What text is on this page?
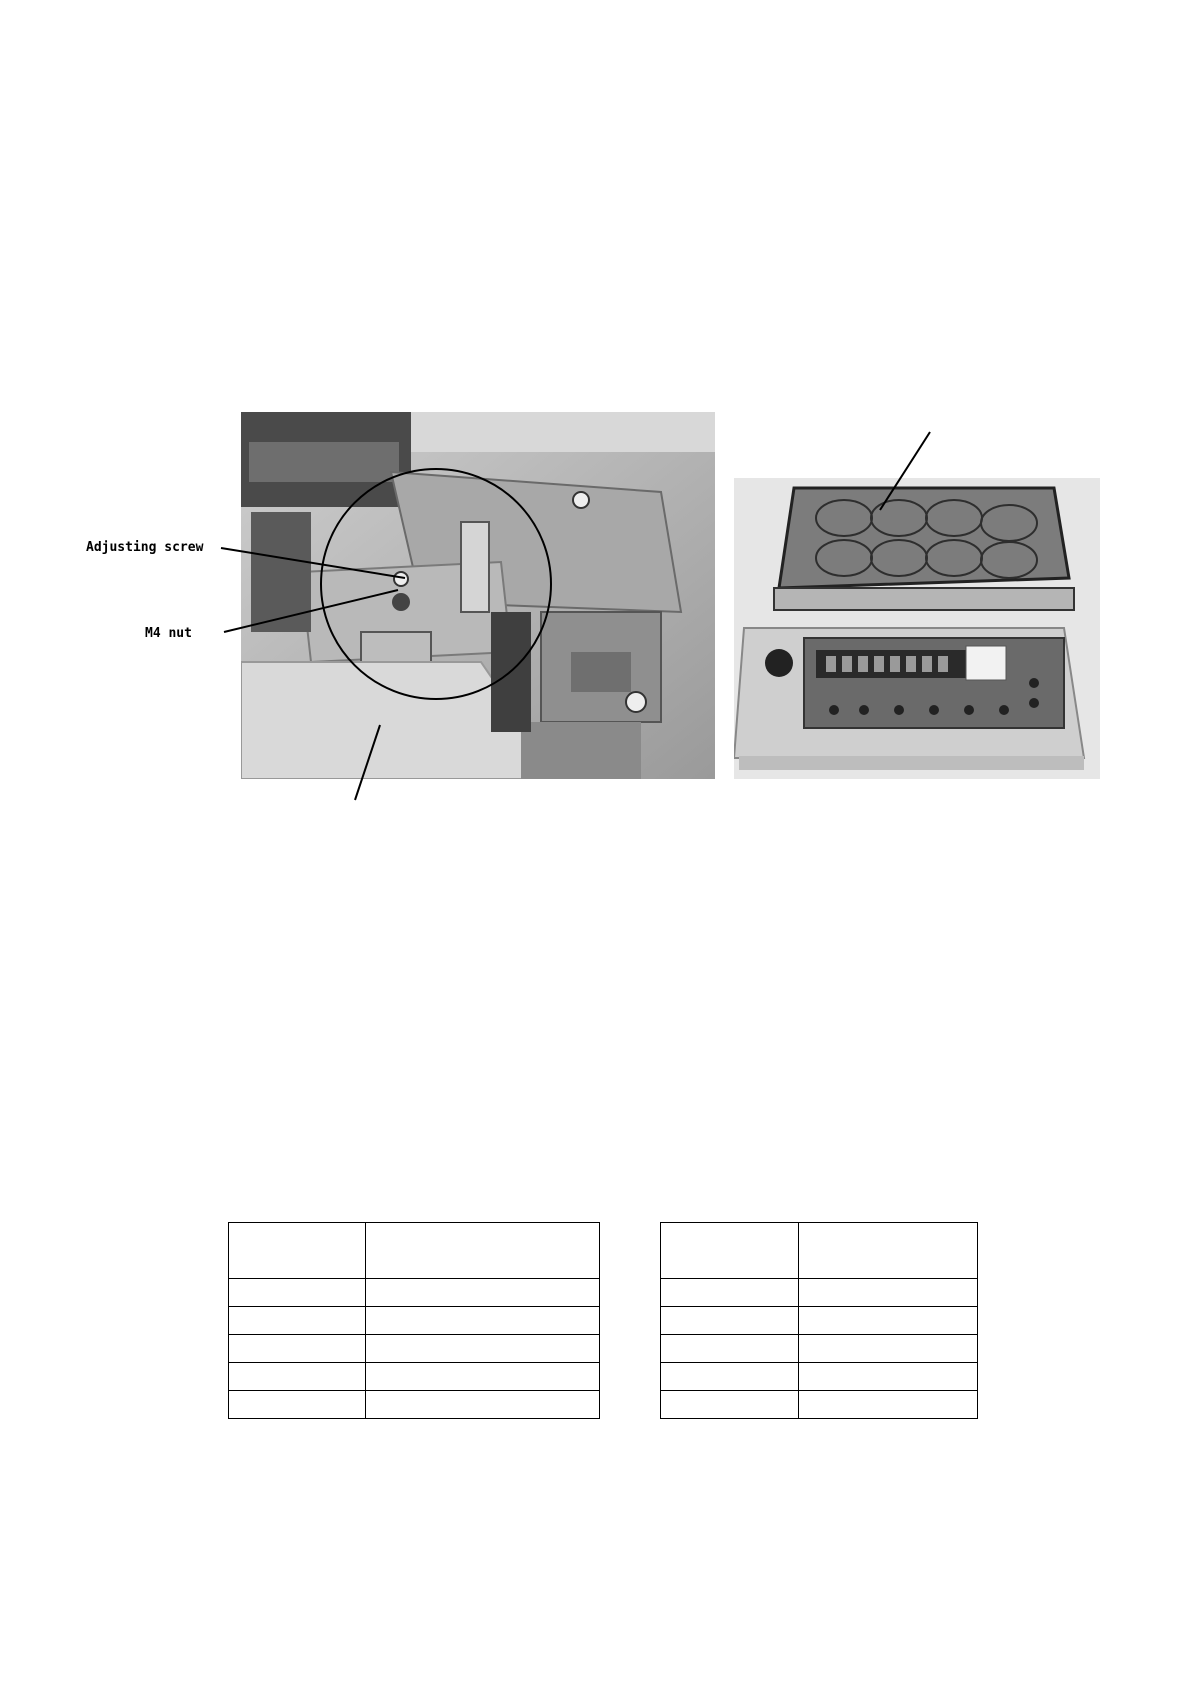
Adjusting screw
M4 nut
